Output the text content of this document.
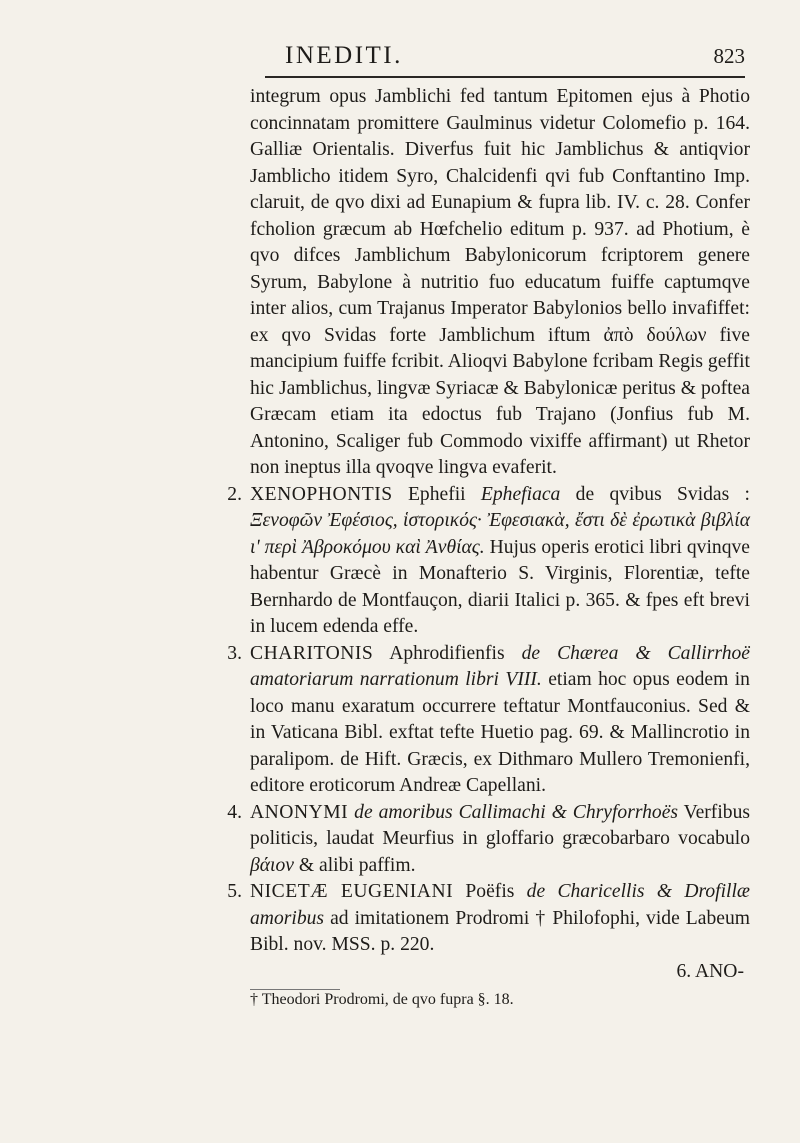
INEDITI.	823

integrum opus Jamblichi fed tantum Epitomen ejus à Photio concinnatam promittere Gaulminus videtur Colomefio p. 164. Galliæ Orientalis. Diverfus fuit hic Jamblichus & antiqvior Jamblicho itidem Syro, Chalcidenfi qvi fub Conftantino Imp. claruit, de qvo dixi ad Eunapium & fupra lib. IV. c. 28. Confer fcholion græcum ab Hœfchelio editum p. 937. ad Photium, è qvo difces Jamblichum Babylonicorum fcriptorem genere Syrum, Babylone à nutritio fuo educatum fuiffe captumqve inter alios, cum Trajanus Imperator Babylonios bello invafiffet: ex qvo Svidas forte Jamblichum iftum ἀπὸ δούλων five mancipium fuiffe fcribit. Alioqvi Babylone fcribam Regis geffit hic Jamblichus, lingvæ Syriacæ & Babylonicæ peritus & poftea Græcam etiam ita edoctus fub Trajano (Jonfius fub M. Antonino, Scaliger fub Commodo vixiffe affirmant) ut Rhetor non ineptus illa qvoqve lingva evaferit.

2. XENOPHONTIS Ephefii Ephefiaca de qvibus Svidas : Ξενοφῶν Ἐφέσιος, ἱστορικός· Ἐφεσιακὰ, ἔστι δὲ ἐρωτικὰ βιβλία ιʹ περὶ Ἀβροκόμου καὶ Ἀνθίας. Hujus operis erotici libri qvinqve habentur Græcè in Monafterio S. Virginis, Florentiæ, tefte Bernhardo de Montfauçon, diarii Italici p. 365. & fpes eft brevi in lucem edenda effe.

3. CHARITONIS Aphrodifienfis de Chærea & Callirrhoë amatoriarum narrationum libri VIII. etiam hoc opus eodem in loco manu exaratum occurrere teftatur Montfauconius. Sed & in Vaticana Bibl. exftat tefte Huetio pag. 69. & Mallincrotio in paralipom. de Hift. Græcis, ex Dithmaro Mullero Tremonienfi, editore eroticorum Andreæ Capellani.

4. ANONYMI de amoribus Callimachi & Chryforrhoës Verfibus politicis, laudat Meurfius in gloffario græcobarbaro vocabulo βάιον & alibi paffim.

5. NICETÆ EUGENIANI Poëfis de Charicellis & Drofillæ amoribus ad imitationem Prodromi † Philofophi, vide Labeum Bibl. nov. MSS. p. 220.

6. ANO-

† Theodori Prodromi, de qvo fupra §. 18.
